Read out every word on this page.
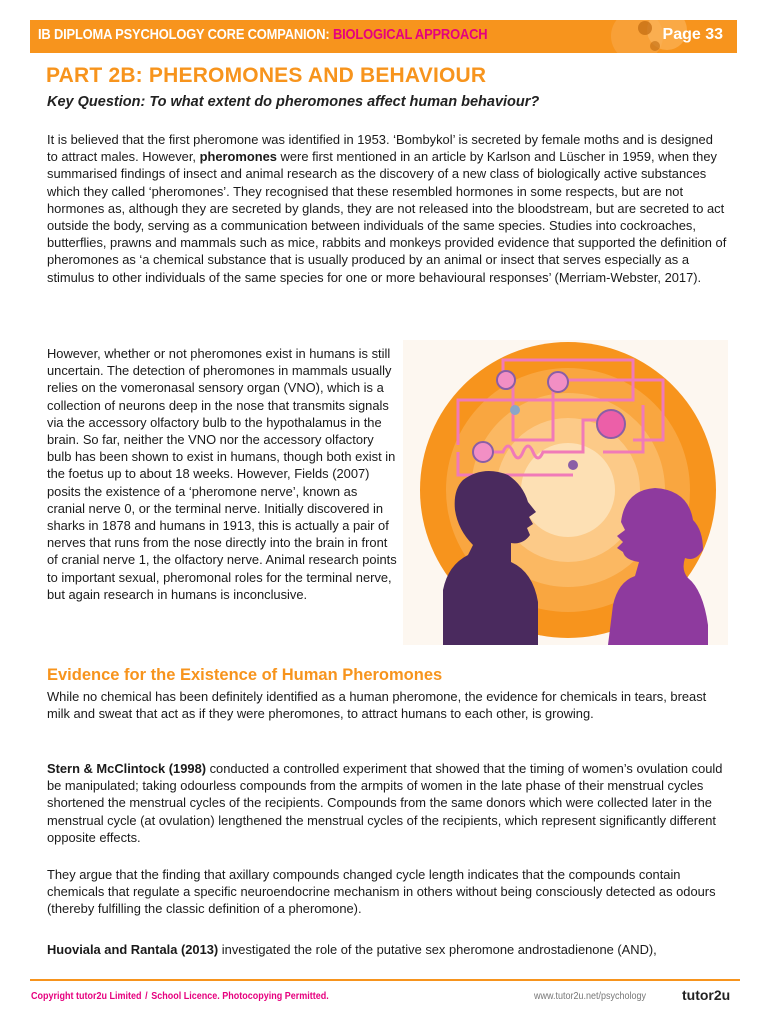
IB DIPLOMA PSYCHOLOGY CORE COMPANION: BIOLOGICAL APPROACH	Page 33
PART 2B: PHEROMONES AND BEHAVIOUR
Key Question: To what extent do pheromones affect human behaviour?
It is believed that the first pheromone was identified in 1953. ‘Bombykol’ is secreted by female moths and is designed to attract males. However, pheromones were first mentioned in an article by Karlson and Lüscher in 1959, when they summarised findings of insect and animal research as the discovery of a new class of biologically active substances which they called ‘pheromones’. They recognised that these resembled hormones in some respects, but are not hormones as, although they are secreted by glands, they are not released into the bloodstream, but are secreted to act outside the body, serving as a communication between individuals of the same species. Studies into cockroaches, butterflies, prawns and mammals such as mice, rabbits and monkeys provided evidence that supported the definition of pheromones as ‘a chemical substance that is usually produced by an animal or insect that serves especially as a stimulus to other individuals of the same species for one or more behavioural responses’ (Merriam-Webster, 2017).
However, whether or not pheromones exist in humans is still uncertain. The detection of pheromones in mammals usually relies on the vomeronasal sensory organ (VNO), which is a collection of neurons deep in the nose that transmits signals via the accessory olfactory bulb to the hypothalamus in the brain. So far, neither the VNO nor the accessory olfactory bulb has been shown to exist in humans, though both exist in the foetus up to about 18 weeks. However, Fields (2007) posits the existence of a ‘pheromone nerve’, known as cranial nerve 0, or the terminal nerve. Initially discovered in sharks in 1878 and humans in 1913, this is actually a pair of nerves that runs from the nose directly into the brain in front of cranial nerve 1, the olfactory nerve. Animal research points to important sexual, pheromonal roles for the terminal nerve, but again research in humans is inconclusive.
Evidence for the Existence of Human Pheromones
While no chemical has been definitely identified as a human pheromone, the evidence for chemicals in tears, breast milk and sweat that act as if they were pheromones, to attract humans to each other, is growing.
Stern & McClintock (1998) conducted a controlled experiment that showed that the timing of women’s ovulation could be manipulated; taking odourless compounds from the armpits of women in the late phase of their menstrual cycles shortened the menstrual cycles of the recipients. Compounds from the same donors which were collected later in the menstrual cycle (at ovulation) lengthened the menstrual cycles of the recipients, which represent significantly different opposite effects.
They argue that the finding that axillary compounds changed cycle length indicates that the compounds contain chemicals that regulate a specific neuroendocrine mechanism in others without being consciously detected as odours (thereby fulfilling the classic definition of a pheromone).
Huoviala and Rantala (2013) investigated the role of the putative sex pheromone androstadienone (AND),
Copyright tutor2u Limited / School Licence. Photocopying Permitted.	www.tutor2u.net/psychology	tutor2u
